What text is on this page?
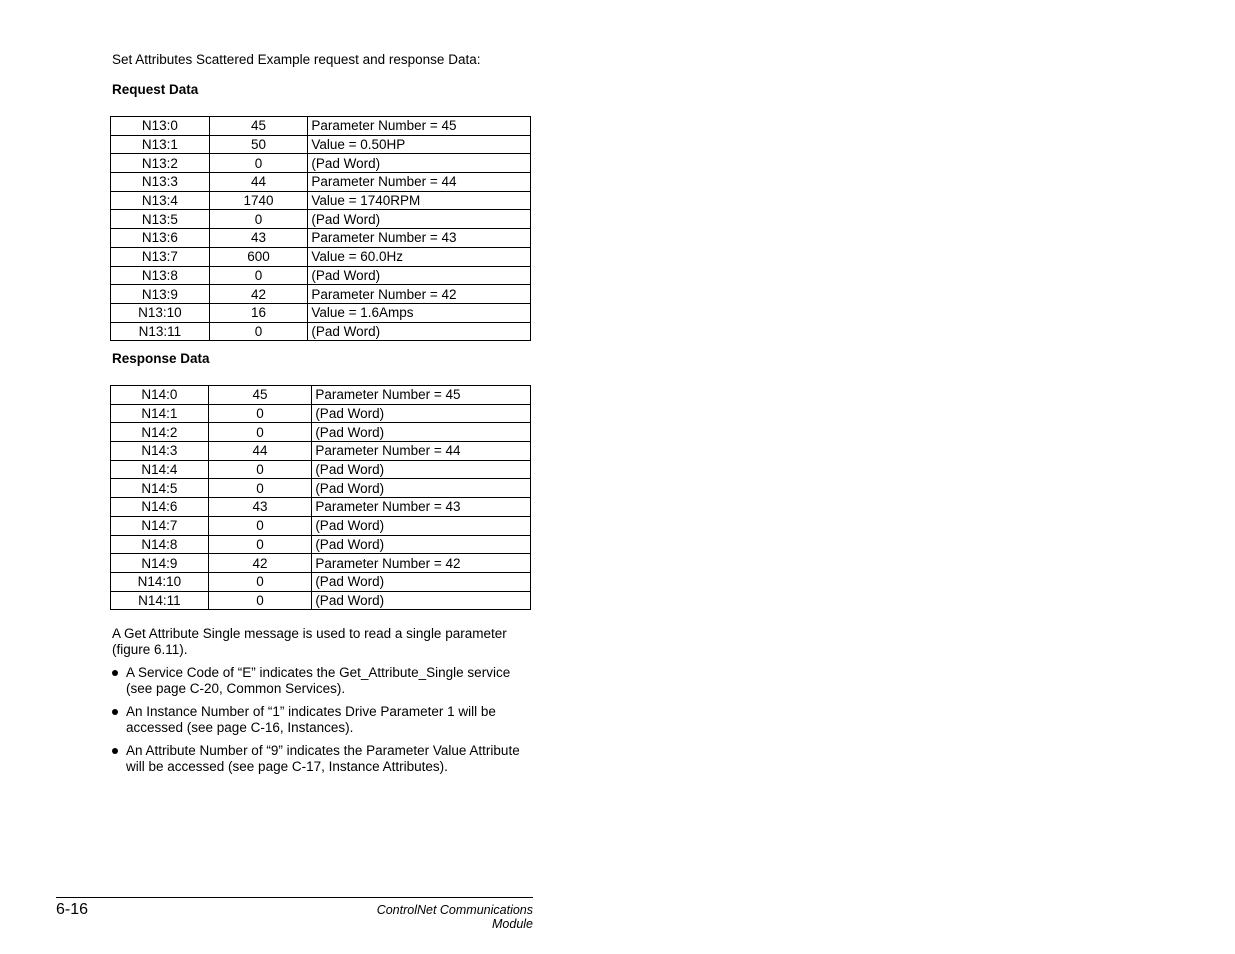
Set Attributes Scattered Example request and response Data:
Request Data
N13:0	45	Parameter Number = 45
N13:1	50	Value = 0.50HP
N13:2	0	(Pad Word)
N13:3	44	Parameter Number = 44
N13:4	1740	Value = 1740RPM
N13:5	0	(Pad Word)
N13:6	43	Parameter Number = 43
N13:7	600	Value = 60.0Hz
N13:8	0	(Pad Word)
N13:9	42	Parameter Number = 42
N13:10	16	Value = 1.6Amps
N13:11	0	(Pad Word)
Response Data
N14:0	45	Parameter Number = 45
N14:1	0	(Pad Word)
N14:2	0	(Pad Word)
N14:3	44	Parameter Number = 44
N14:4	0	(Pad Word)
N14:5	0	(Pad Word)
N14:6	43	Parameter Number = 43
N14:7	0	(Pad Word)
N14:8	0	(Pad Word)
N14:9	42	Parameter Number = 42
N14:10	0	(Pad Word)
N14:11	0	(Pad Word)
A Get Attribute Single message is used to read a single parameter (figure 6.11).
A Service Code of “E” indicates the Get_Attribute_Single service (see page C-20, Common Services).
An Instance Number of “1” indicates Drive Parameter 1 will be accessed (see page C-16, Instances).
An Attribute Number of “9” indicates the Parameter Value Attribute will be accessed (see page C-17, Instance Attributes).
6-16	ControlNet Communications Module
